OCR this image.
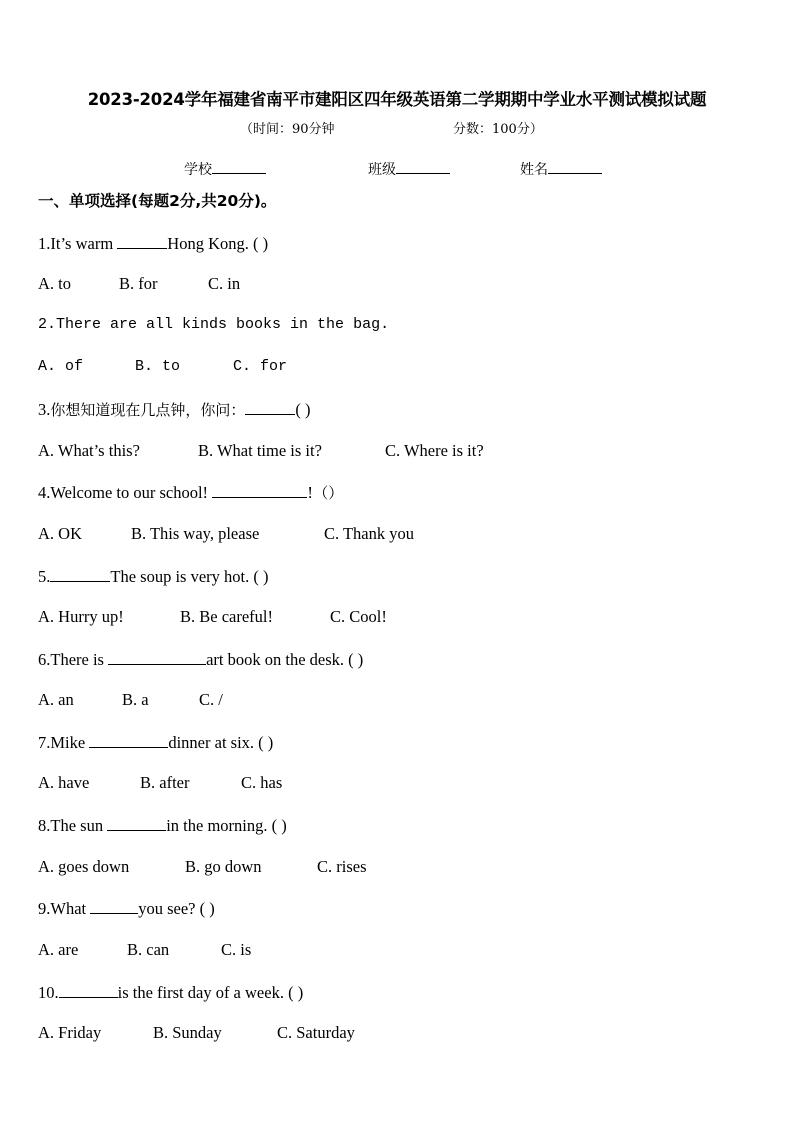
2023-2024学年福建省南平市建阳区四年级英语第二学期期中学业水平测试模拟试题
（时间：90分钟	分数：100分）
学校	班级	姓名
一、单项选择(每题2分,共20分)。
1.It’s warm	Hong Kong. ( )
A. to	B. for	C. in
2.There are all kinds books in the bag.
A. of	B. to	C. for
3.你想知道现在几点钟，你问：	( )
A. What’s this?	B. What time is it?	C. Where is it?
4.Welcome to our school!	!（）
A. OK	B. This way, please	C. Thank you
5.	The soup is very hot. ( )
A. Hurry up!	B. Be careful!	C. Cool!
6.There is	art book on the desk. ( )
A. an	B. a	C. /
7.Mike	dinner at six. ( )
A. have	B. after	C. has
8.The sun	in the morning. ( )
A. goes down	B. go down	C. rises
9.What	you see? ( )
A. are	B. can	C. is
10.	is the first day of a week. ( )
A. Friday	B. Sunday	C. Saturday
